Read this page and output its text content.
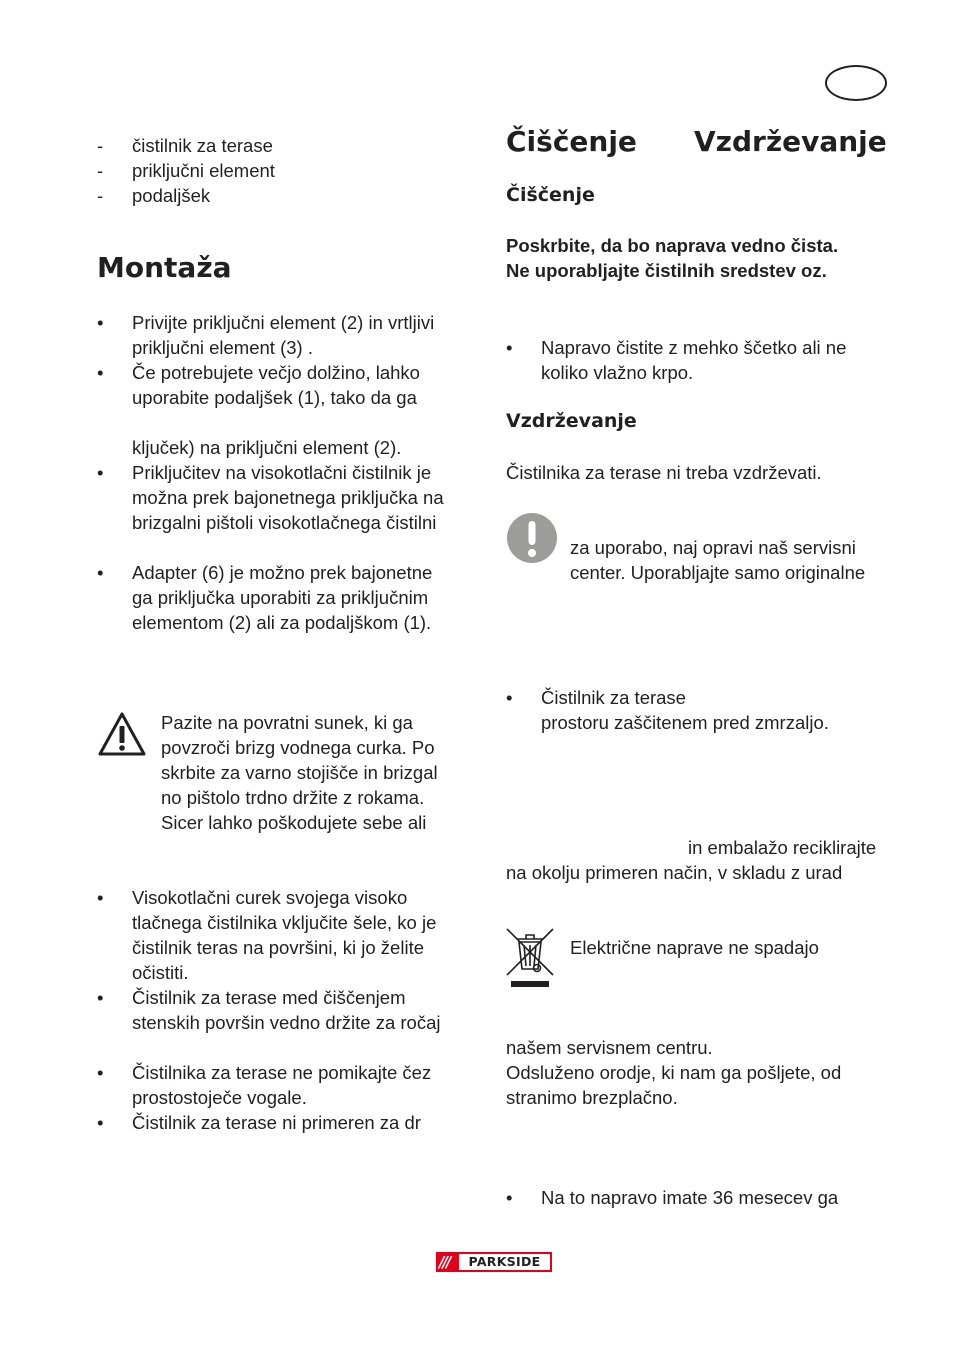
- čistilnik za terase
- priključni element
- podaljšek
Montaža
• Privijte priključni element (2) in vrtljivi
priključni element (3) .
• Če potrebujete večjo dolžino, lahko
uporabite podaljšek (1), tako da ga
ključek) na priključni element (2).
• Priključitev na visokotlačni čistilnik je
možna prek bajonetnega priključka na
brizgalni pištoli visokotlačnega čistilni
• Adapter (6) je možno prek bajonetne
ga priključka uporabiti za priključnim
elementom (2) ali za podaljškom (1).
Pazite na povratni sunek, ki ga
povzroči brizg vodnega curka. Po
skrbite za varno stojišče in brizgal
no pištolo trdno držite z rokama.
Sicer lahko poškodujete sebe ali
• Visokotlačni curek svojega visoko
tlačnega čistilnika vključite šele, ko je
čistilnik teras na površini, ki jo želite
očistiti.
• Čistilnik za terase med čiščenjem
stenskih površin vedno držite za ročaj
• Čistilnika za terase ne pomikajte čez
prostostoječe vogale.
• Čistilnik za terase ni primeren za dr
Čiščenje Vzdrževanje
Čiščenje
Poskrbite, da bo naprava vedno čista.
Ne uporabljajte čistilnih sredstev oz.
• Napravo čistite z mehko ščetko ali ne
koliko vlažno krpo.
Vzdrževanje
Čistilnika za terase ni treba vzdrževati.
za uporabo, naj opravi naš servisni
center. Uporabljajte samo originalne
• Čistilnik za terase
prostoru zaščitenem pred zmrzaljo.
in embalažo reciklirajte
na okolju primeren način, v skladu z urad
Električne naprave ne spadajo
našem servisnem centru.
Odsluženo orodje, ki nam ga pošljete, od
stranimo brezplačno.
• Na to napravo imate 36 mesecev ga
///	PARKSIDE
